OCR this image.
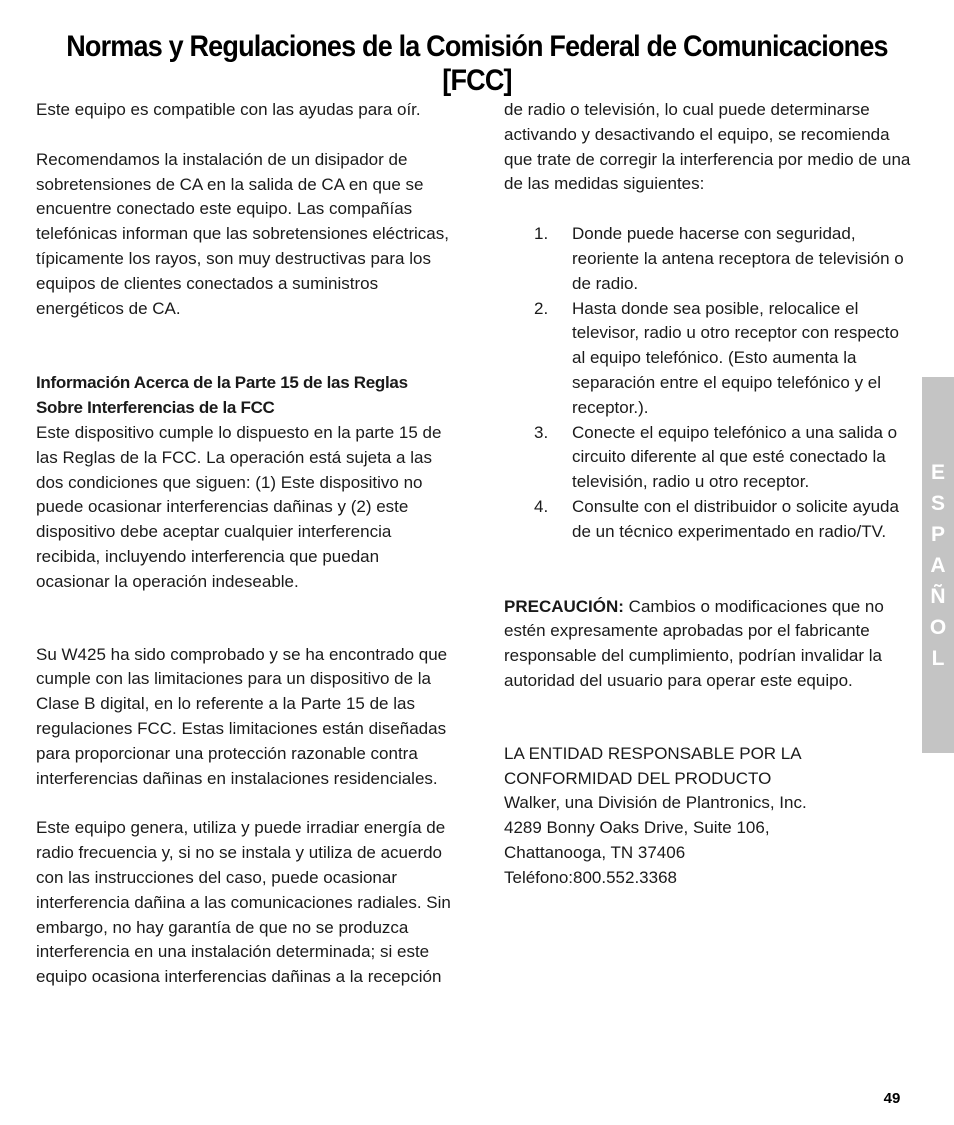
Normas y Regulaciones de la Comisión Federal de Comunicaciones [FCC]

Este equipo es compatible con las ayudas para oír.

Recomendamos la instalación de un disipador de sobretensiones de CA en la salida de CA en que se encuentre conectado este equipo. Las compañías telefónicas informan que las sobretensiones eléctricas, típicamente los rayos, son muy destructivas para los equipos de clientes conectados a suministros energéticos de CA.

Información Acerca de la Parte 15 de las Reglas Sobre Interferencias de la FCC

Este dispositivo cumple lo dispuesto en la parte 15 de las Reglas de la FCC. La operación está sujeta a las dos condiciones que siguen: (1) Este dispositivo no puede ocasionar interferencias dañinas y (2) este dispositivo debe aceptar cualquier interferencia recibida, incluyendo interferencia que puedan ocasionar la operación indeseable.

Su W425 ha sido comprobado y se ha encontrado que cumple con las limitaciones para un dispositivo de la Clase B digital, en lo referente a la Parte 15 de las regulaciones FCC. Estas limitaciones están diseñadas para proporcionar una protección razonable contra interferencias dañinas en instalaciones residenciales.

Este equipo genera, utiliza y puede irradiar energía de radio frecuencia y, si no se instala y utiliza de acuerdo con las instrucciones del caso, puede ocasionar interferencia dañina a las comunicaciones radiales. Sin embargo, no hay garantía de que no se produzca interferencia en una instalación determinada; si este equipo ocasiona interferencias dañinas a la recepción

de radio o televisión, lo cual puede determinarse activando y desactivando el equipo, se recomienda que trate de corregir la interferencia por medio de una de las medidas siguientes:

1.	Donde puede hacerse con seguridad, reoriente la antena receptora de televisión o de radio.
2.	Hasta donde sea posible, relocalice el televisor, radio u otro receptor con respecto al equipo telefónico. (Esto aumenta la separación entre el equipo telefónico y el receptor.).
3.	Conecte el equipo telefónico a una salida o circuito diferente al que esté conectado la televisión, radio u otro receptor.
4.	Consulte con el distribuidor o solicite ayuda de un técnico experimentado en radio/TV.

PRECAUCIÓN: Cambios o modificaciones que no estén expresamente aprobadas por el fabricante responsable del cumplimiento, podrían invalidar la autoridad del usuario para operar este equipo.

LA ENTIDAD RESPONSABLE POR LA CONFORMIDAD DEL PRODUCTO

Walker, una División de Plantronics, Inc.

4289 Bonny Oaks Drive, Suite 106,

Chattanooga, TN 37406

Teléfono:800.552.3368

E
S
P
A
Ñ
O
L
49
